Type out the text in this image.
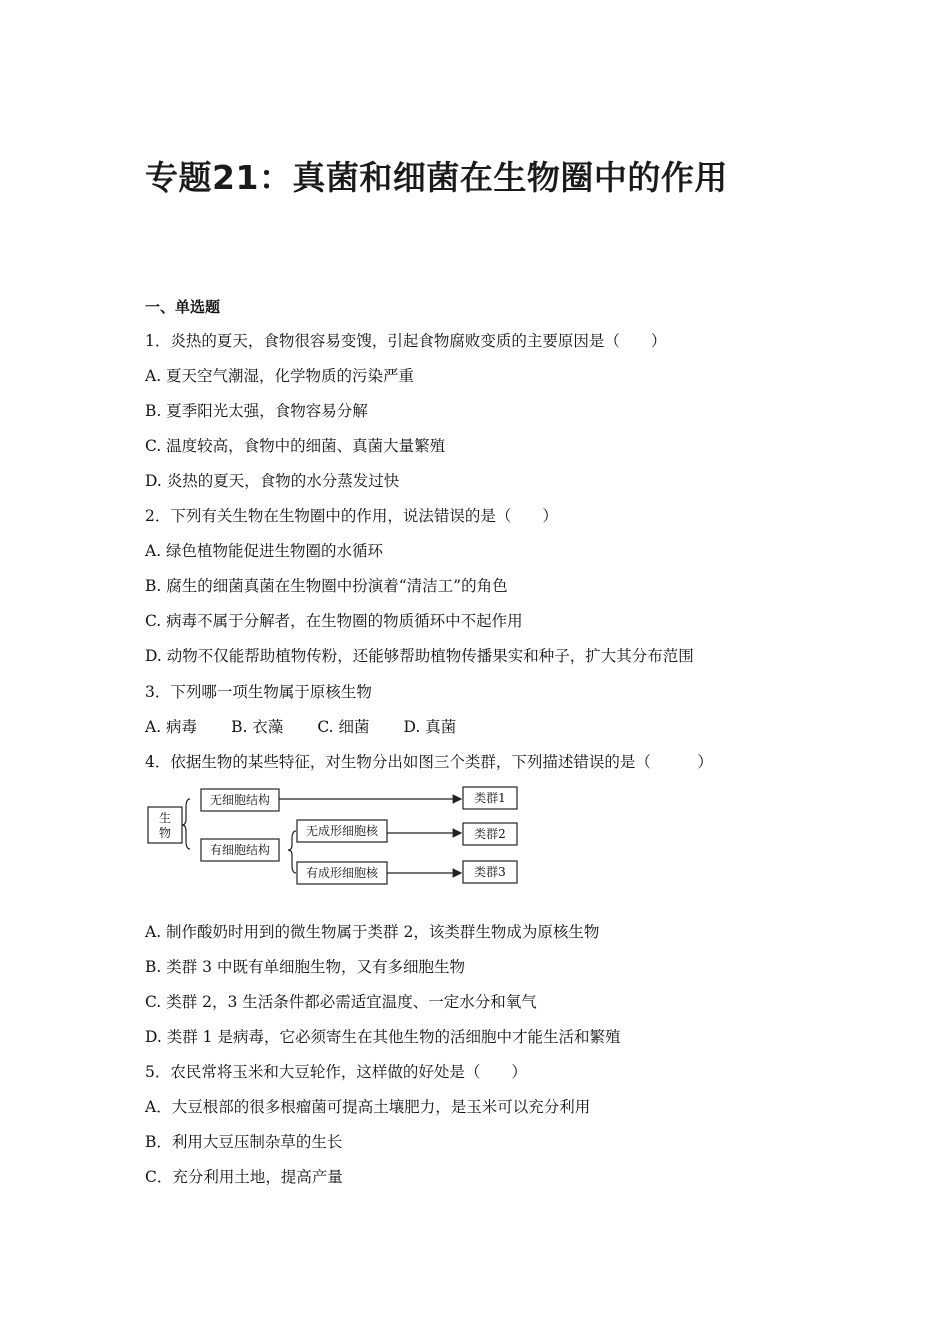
专题21：真菌和细菌在生物圈中的作用
一、单选题
1．炎热的夏天，食物很容易变馊，引起食物腐败变质的主要原因是（　　）
A. 夏天空气潮湿，化学物质的污染严重
B. 夏季阳光太强，食物容易分解
C. 温度较高，食物中的细菌、真菌大量繁殖
D. 炎热的夏天，食物的水分蒸发过快
2．下列有关生物在生物圈中的作用，说法错误的是（　　）
A. 绿色植物能促进生物圈的水循环
B. 腐生的细菌真菌在生物圈中扮演着“清洁工”的角色
C. 病毒不属于分解者，在生物圈的物质循环中不起作用
D. 动物不仅能帮助植物传粉，还能够帮助植物传播果实和种子，扩大其分布范围
3．下列哪一项生物属于原核生物
A. 病毒 B. 衣藻 C. 细菌 D. 真菌
4．依据生物的某些特征，对生物分出如图三个类群，下列描述错误的是（　　　）
生
物
无细胞结构
有细胞结构
无成形细胞核
有成形细胞核
类群1
类群2
类群3
A. 制作酸奶时用到的微生物属于类群 2，该类群生物成为原核生物
B. 类群 3 中既有单细胞生物，又有多细胞生物
C. 类群 2，3 生活条件都必需适宜温度、一定水分和氧气
D. 类群 1 是病毒，它必须寄生在其他生物的活细胞中才能生活和繁殖
5．农民常将玉米和大豆轮作，这样做的好处是（　　）
A．大豆根部的很多根瘤菌可提高土壤肥力，是玉米可以充分利用
B．利用大豆压制杂草的生长
C．充分利用土地，提高产量
